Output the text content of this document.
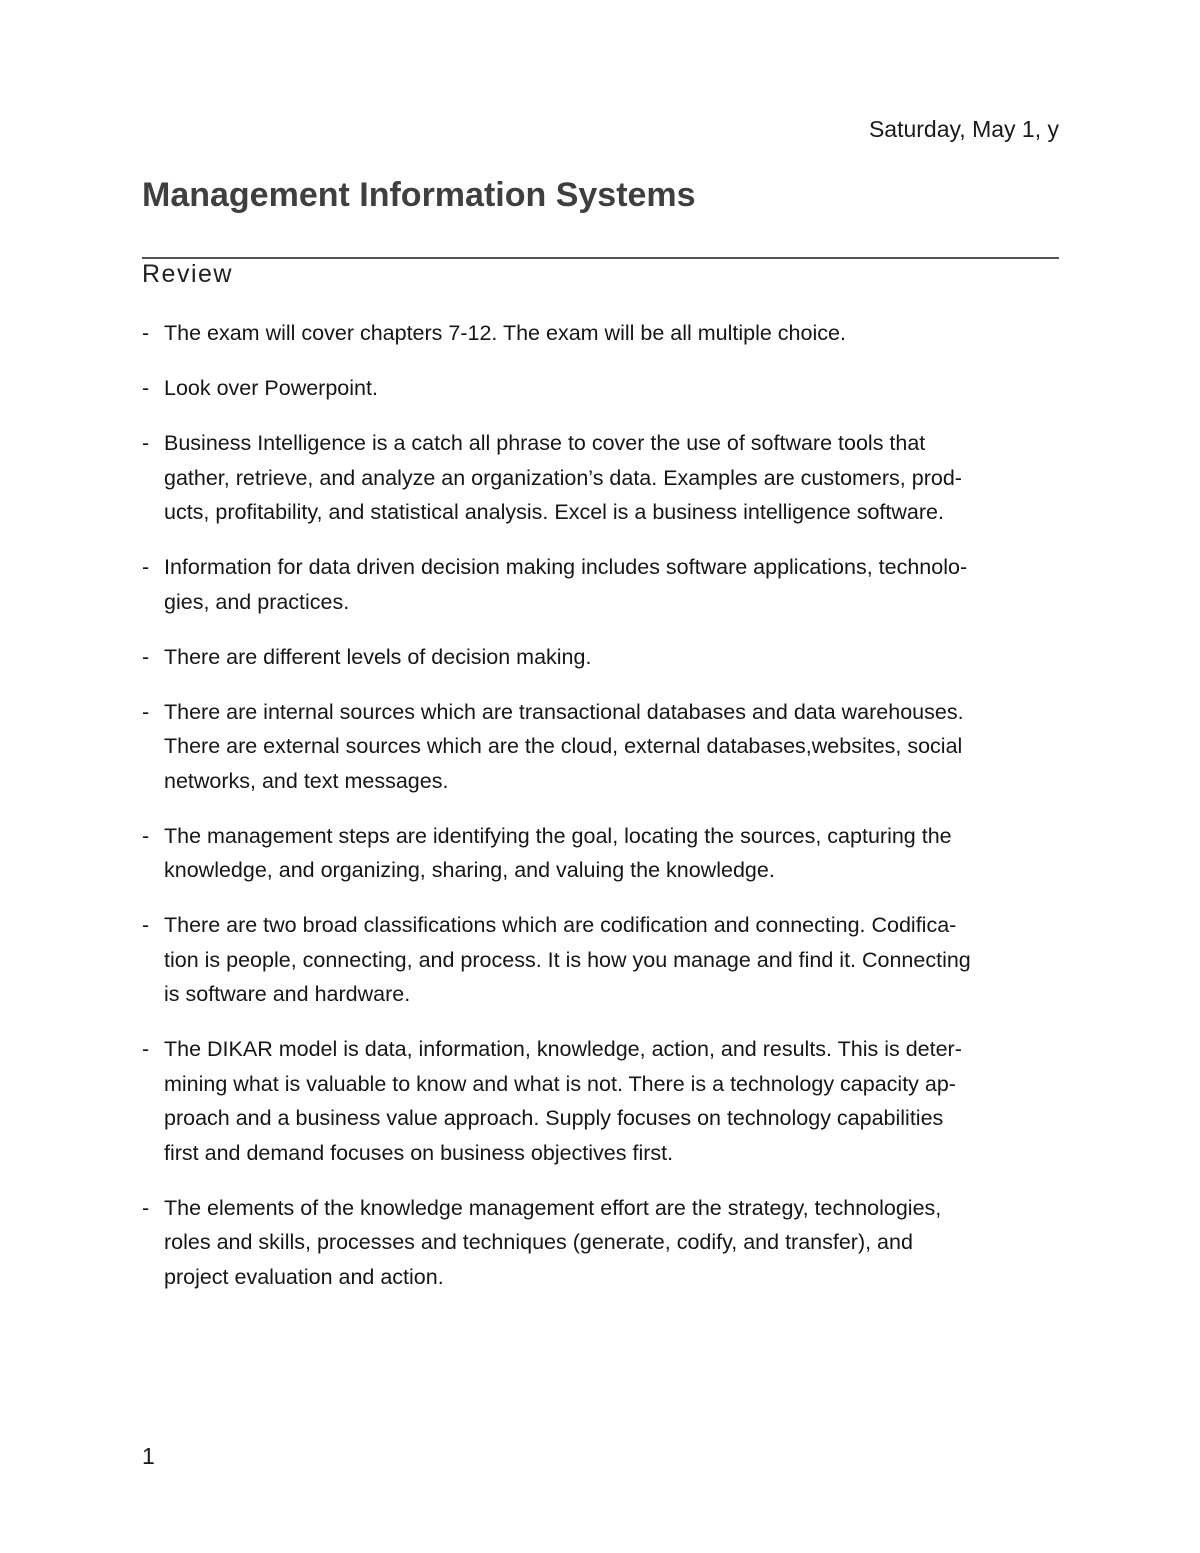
Saturday, May 1, y
Management Information Systems
Review
- The exam will cover chapters 7-12. The exam will be all multiple choice.
- Look over Powerpoint.
- Business Intelligence is a catch all phrase to cover the use of software tools that
gather, retrieve, and analyze an organization’s data. Examples are customers, prod-
ucts, profitability, and statistical analysis. Excel is a business intelligence software.
- Information for data driven decision making includes software applications, technolo-
gies, and practices.
- There are different levels of decision making.
- There are internal sources which are transactional databases and data warehouses.
There are external sources which are the cloud, external databases,websites, social
networks, and text messages.
- The management steps are identifying the goal, locating the sources, capturing the
knowledge, and organizing, sharing, and valuing the knowledge.
- There are two broad classifications which are codification and connecting. Codifica-
tion is people, connecting, and process. It is how you manage and find it. Connecting
is software and hardware.
- The DIKAR model is data, information, knowledge, action, and results. This is deter-
mining what is valuable to know and what is not. There is a technology capacity ap-
proach and a business value approach. Supply focuses on technology capabilities
first and demand focuses on business objectives first.
- The elements of the knowledge management effort are the strategy, technologies,
roles and skills, processes and techniques (generate, codify, and transfer), and
project evaluation and action.
1
